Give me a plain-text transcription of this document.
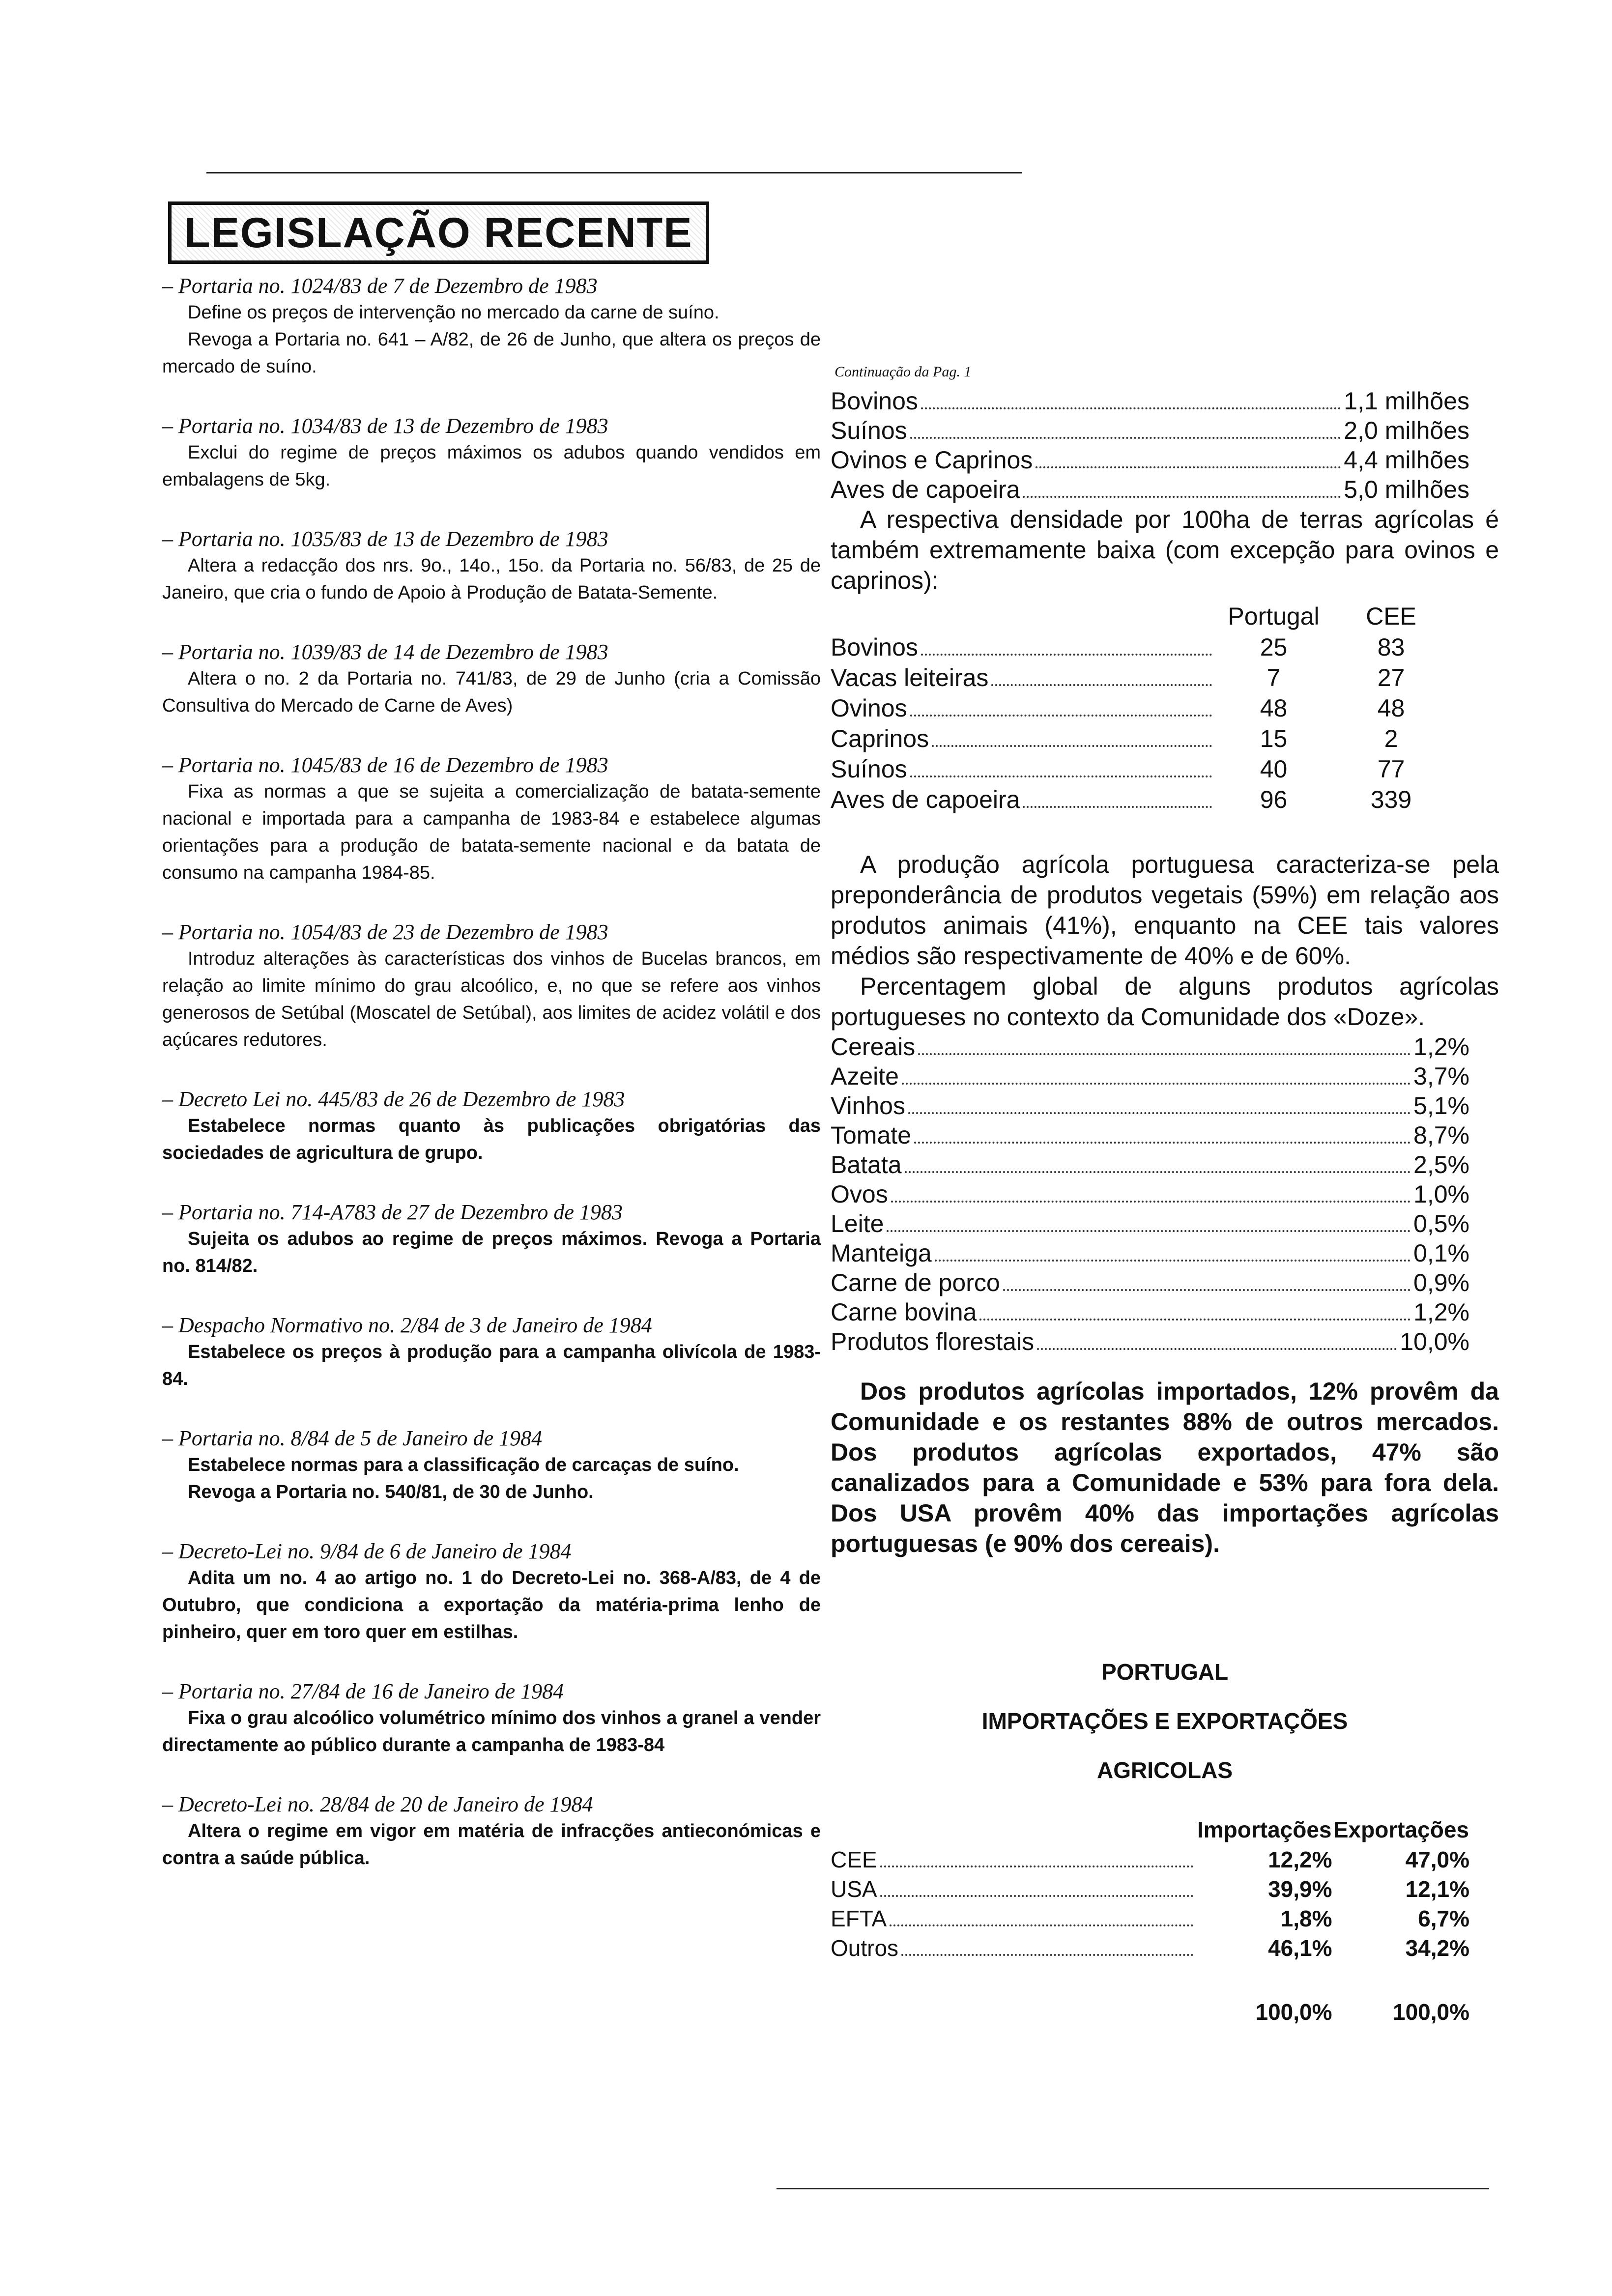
LEGISLAÇÃO RECENTE

– Portaria no. 1024/83 de 7 de Dezembro de 1983

Define os preços de intervenção no mercado da carne de suíno.

Revoga a Portaria no. 641 – A/82, de 26 de Junho, que altera os preços de mercado de suíno.

– Portaria no. 1034/83 de 13 de Dezembro de 1983

Exclui do regime de preços máximos os adubos quando vendidos em embalagens de 5kg.

– Portaria no. 1035/83 de 13 de Dezembro de 1983

Altera a redacção dos nrs. 9o., 14o., 15o. da Portaria no. 56/83, de 25 de Janeiro, que cria o fundo de Apoio à Produção de Batata-Semente.

– Portaria no. 1039/83 de 14 de Dezembro de 1983

Altera o no. 2 da Portaria no. 741/83, de 29 de Junho (cria a Comissão Consultiva do Mercado de Carne de Aves)

– Portaria no. 1045/83 de 16 de Dezembro de 1983

Fixa as normas a que se sujeita a comercialização de batata-semente nacional e importada para a campanha de 1983-84 e estabelece algumas orientações para a produção de batata-semente nacional e da batata de consumo na campanha 1984-85.

– Portaria no. 1054/83 de 23 de Dezembro de 1983

Introduz alterações às características dos vinhos de Bucelas brancos, em relação ao limite mínimo do grau alcoólico, e, no que se refere aos vinhos generosos de Setúbal (Moscatel de Setúbal), aos limites de acidez volátil e dos açúcares redutores.

– Decreto Lei no. 445/83 de 26 de Dezembro de 1983

Estabelece normas quanto às publicações obrigatórias das sociedades de agricultura de grupo.

– Portaria no. 714-A783 de 27 de Dezembro de 1983

Sujeita os adubos ao regime de preços máximos. Revoga a Portaria no. 814/82.

– Despacho Normativo no. 2/84 de 3 de Janeiro de 1984

Estabelece os preços à produção para a campanha olivícola de 1983-84.

– Portaria no. 8/84 de 5 de Janeiro de 1984

Estabelece normas para a classificação de carcaças de suíno.

Revoga a Portaria no. 540/81, de 30 de Junho.

– Decreto-Lei no. 9/84 de 6 de Janeiro de 1984

Adita um no. 4 ao artigo no. 1 do Decreto-Lei no. 368-A/83, de 4 de Outubro, que condiciona a exportação da matéria-prima lenho de pinheiro, quer em toro quer em estilhas.

– Portaria no. 27/84 de 16 de Janeiro de 1984

Fixa o grau alcoólico volumétrico mínimo dos vinhos a granel a vender directamente ao público durante a campanha de 1983-84

– Decreto-Lei no. 28/84 de 20 de Janeiro de 1984

Altera o regime em vigor em matéria de infracções antieconómicas e contra a saúde pública.

Continuação da Pag. 1

Bovinos	1,1 milhões
Suínos	2,0 milhões
Ovinos e Caprinos	4,4 milhões
Aves de capoeira	5,0 milhões

A respectiva densidade por 100ha de terras agrícolas é também extremamente baixa (com excepção para ovinos e caprinos):

	Portugal	CEE

Bovinos	25	83

Vacas leiteiras	7	27

Ovinos	48	48

Caprinos	15	2

Suínos	40	77

Aves de capoeira	96	339

A produção agrícola portuguesa caracteriza-se pela preponderância de produtos vegetais (59%) em relação aos produtos animais (41%), enquanto na CEE tais valores médios são respectivamente de 40% e de 60%.

Percentagem global de alguns produtos agrícolas portugueses no contexto da Comunidade dos «Doze».

Cereais	1,2%
Azeite	3,7%
Vinhos	5,1%
Tomate	8,7%
Batata	2,5%
Ovos	1,0%
Leite	0,5%
Manteiga	0,1%
Carne de porco	0,9%
Carne bovina	1,2%
Produtos florestais	10,0%

Dos produtos agrícolas importados, 12% provêm da Comunidade e os restantes 88% de outros mercados. Dos produtos agrícolas exportados, 47% são canalizados para a Comunidade e 53% para fora dela. Dos USA provêm 40% das importações agrícolas portuguesas (e 90% dos cereais).

PORTUGAL

IMPORTAÇÕES E EXPORTAÇÕES

AGRICOLAS

	Importações	Exportações

CEE	12,2%	47,0%

USA	39,9%	12,1%

EFTA	1,8%	6,7%

Outros	46,1%	34,2%
	100,0%	100,0%
